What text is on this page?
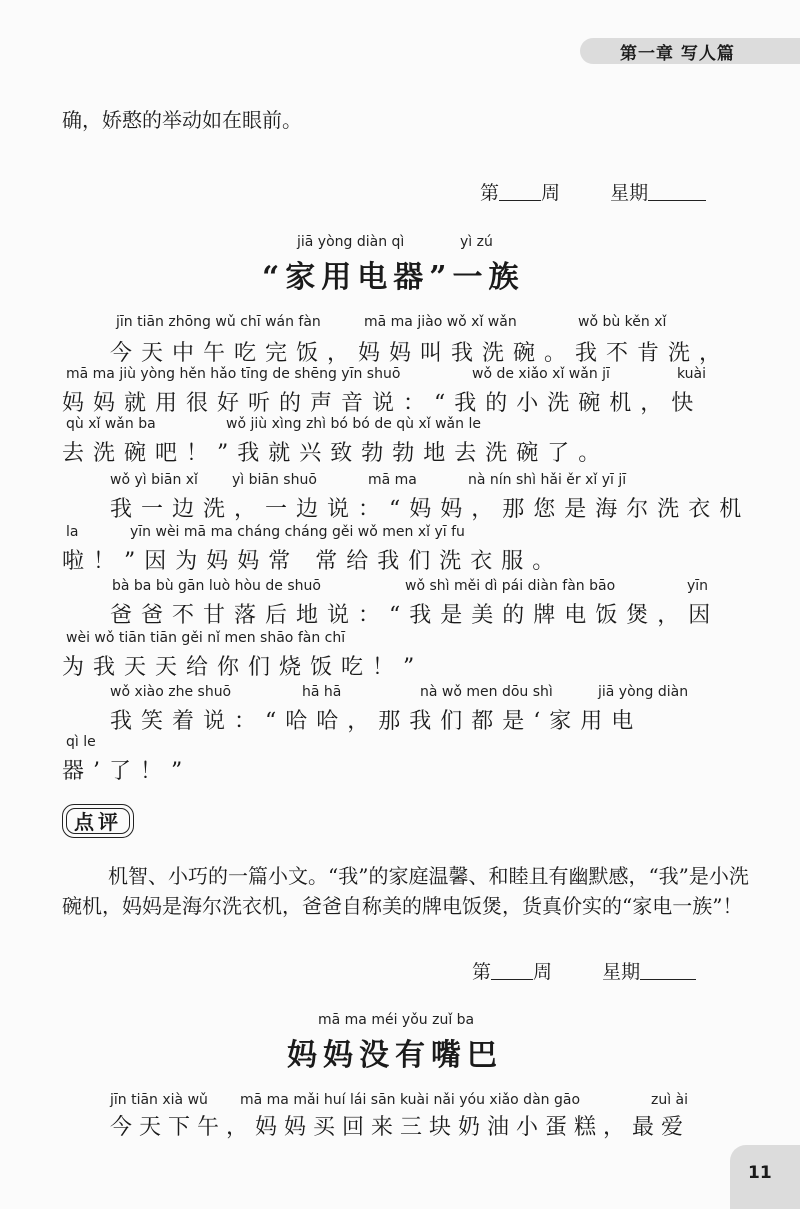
第一章 写人篇
确，娇憨的举动如在眼前。
第 周	星期
jiā yòng diàn qì	yì zú
“家用电器”一族
jīn tiān zhōng wǔ chī wán fàn	mā ma jiào wǒ xǐ wǎn	wǒ bù kěn xǐ
今天中午吃完饭，妈妈叫我洗碗。我不肯洗，
mā ma jiù yòng hěn hǎo tīng de shēng yīn shuō	wǒ de xiǎo xǐ wǎn jī	kuài
妈妈就用很好听的声音说：“我的小洗碗机，快
qù xǐ wǎn ba	wǒ jiù xìng zhì bó bó de qù xǐ wǎn le
去洗碗吧！”我就兴致勃勃地去洗碗了。
wǒ yì biān xǐ yì biān shuō	mā ma	nà nín shì hǎi ěr xǐ yī jī
我一边洗，一边说：“妈妈，那您是海尔洗衣机
la	yīn wèi mā ma cháng cháng gěi wǒ men xǐ yī fu
啦！”因为妈妈常 常给我们洗衣服。
bà ba bù gān luò hòu de shuō	wǒ shì měi dì pái diàn fàn bāo	yīn
爸爸不甘落后地说：“我是美的牌电饭煲，因
wèi wǒ tiān tiān gěi nǐ men shāo fàn chī
为我天天给你们烧饭吃！”
wǒ xiào zhe shuō	hā hā	nà wǒ men dōu shì	jiā yòng diàn
我笑着说：“哈哈，那我们都是‘家用电
qì le
器’了！”
点评
机智、小巧的一篇小文。“我”的家庭温馨、和睦且有幽默感，“我”是小洗
碗机，妈妈是海尔洗衣机，爸爸自称美的牌电饭煲，货真价实的“家电一族”！
第 周	星期
mā ma méi yǒu zuǐ ba
妈妈没有嘴巴
jīn tiān xià wǔ mā ma mǎi huí lái sān kuài nǎi yóu xiǎo dàn gāo	zuì ài
今天下午，妈妈买回来三块奶油小蛋糕，最爱
11
